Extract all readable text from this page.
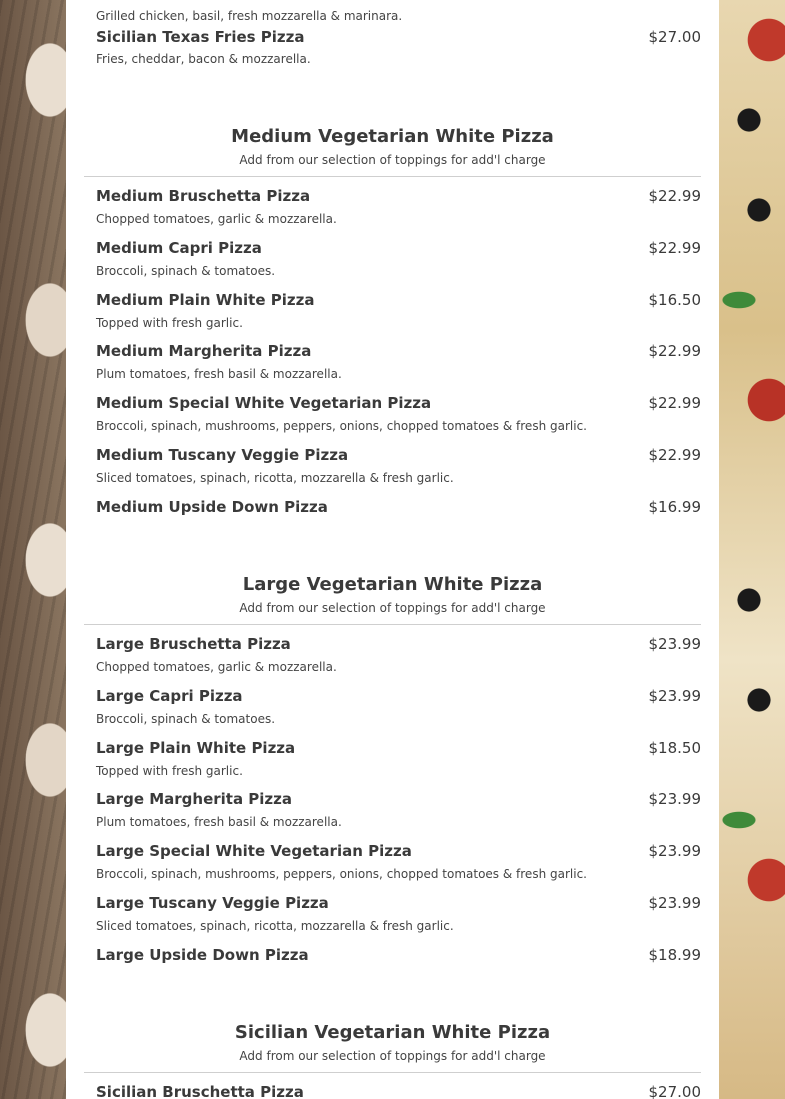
Grilled chicken, basil, fresh mozzarella & marinara.
Sicilian Texas Fries Pizza	$27.00
Fries, cheddar, bacon & mozzarella.
Medium Vegetarian White Pizza
Add from our selection of toppings for add'l charge
Medium Bruschetta Pizza	$22.99
Chopped tomatoes, garlic & mozzarella.
Medium Capri Pizza	$22.99
Broccoli, spinach & tomatoes.
Medium Plain White Pizza	$16.50
Topped with fresh garlic.
Medium Margherita Pizza	$22.99
Plum tomatoes, fresh basil & mozzarella.
Medium Special White Vegetarian Pizza	$22.99
Broccoli, spinach, mushrooms, peppers, onions, chopped tomatoes & fresh garlic.
Medium Tuscany Veggie Pizza	$22.99
Sliced tomatoes, spinach, ricotta, mozzarella & fresh garlic.
Medium Upside Down Pizza	$16.99
Large Vegetarian White Pizza
Add from our selection of toppings for add'l charge
Large Bruschetta Pizza	$23.99
Chopped tomatoes, garlic & mozzarella.
Large Capri Pizza	$23.99
Broccoli, spinach & tomatoes.
Large Plain White Pizza	$18.50
Topped with fresh garlic.
Large Margherita Pizza	$23.99
Plum tomatoes, fresh basil & mozzarella.
Large Special White Vegetarian Pizza	$23.99
Broccoli, spinach, mushrooms, peppers, onions, chopped tomatoes & fresh garlic.
Large Tuscany Veggie Pizza	$23.99
Sliced tomatoes, spinach, ricotta, mozzarella & fresh garlic.
Large Upside Down Pizza	$18.99
Sicilian Vegetarian White Pizza
Add from our selection of toppings for add'l charge
Sicilian Bruschetta Pizza	$27.00
